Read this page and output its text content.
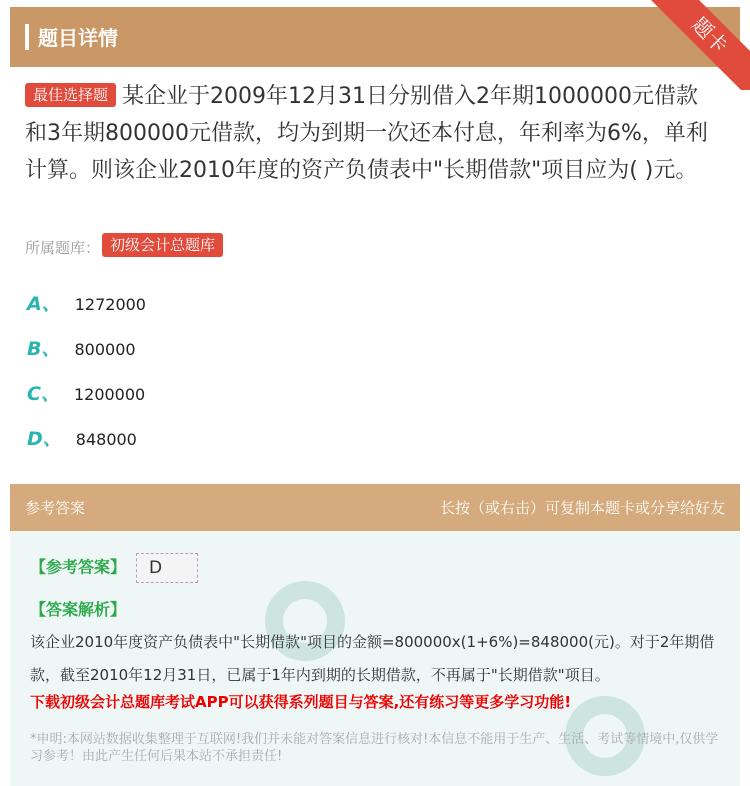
题目详情	题卡
最佳选择题 某企业于2009年12月31日分别借入2年期1000000元借款和3年期800000元借款，均为到期一次还本付息，年利率为6%，单利计算。则该企业2010年度的资产负债表中"长期借款"项目应为( )元。
所属题库： 初级会计总题库
A、 1272000
B、 800000
C、 1200000
D、 848000
参考答案	长按（或右击）可复制本题卡或分享给好友
【参考答案】 D
【答案解析】
该企业2010年度资产负债表中"长期借款"项目的金额=800000x(1+6%)=848000(元)。对于2年期借款，截至2010年12月31日，已属于1年内到期的长期借款，不再属于"长期借款"项目。
下载初级会计总题库考试APP可以获得系列题目与答案,还有练习等更多学习功能!
*申明:本网站数据收集整理于互联网!我们并未能对答案信息进行核对!本信息不能用于生产、生活、考试等情境中,仅供学习参考！由此产生任何后果本站不承担责任!
